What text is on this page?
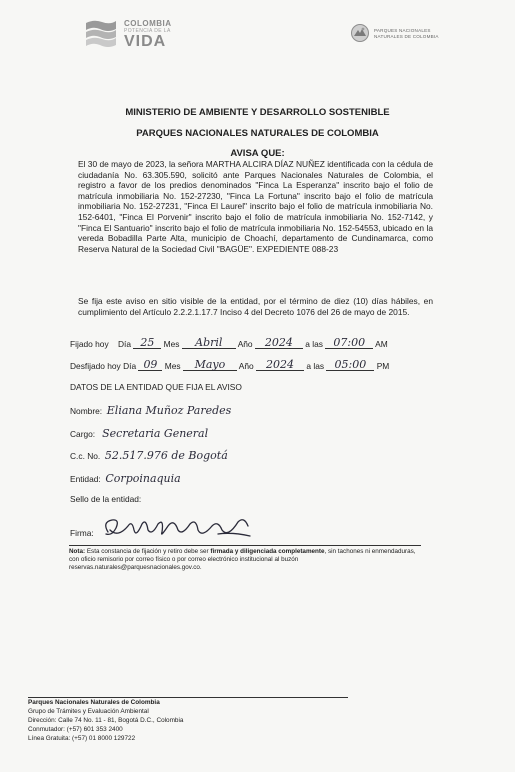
COLOMBIA
POTENCIA DE LA
VIDA
PARQUES NACIONALES
NATURALES DE COLOMBIA
MINISTERIO DE AMBIENTE Y DESARROLLO SOSTENIBLE
PARQUES NACIONALES NATURALES DE COLOMBIA
AVISA QUE:
El 30 de mayo de 2023, la señora MARTHA ALCIRA DÍAZ NUÑEZ identificada con la cédula de ciudadanía No. 63.305.590, solicitó ante Parques Nacionales Naturales de Colombia, el registro a favor de los predios denominados "Finca La Esperanza" inscrito bajo el folio de matrícula inmobiliaria No. 152-27230, "Finca La Fortuna" inscrito bajo el folio de matrícula inmobiliaria No. 152-27231, "Finca El Laurel" inscrito bajo el folio de matrícula inmobiliaria No. 152-6401, "Finca El Porvenir" inscrito bajo el folio de matrícula inmobiliaria No. 152-7142, y "Finca El Santuario" inscrito bajo el folio de matrícula inmobiliaria No. 152-54553, ubicado en la vereda Bobadilla Parte Alta, municipio de Choachí, departamento de Cundinamarca, como Reserva Natural de la Sociedad Civil "BAGÜE". EXPEDIENTE 088-23
Se fija este aviso en sitio visible de la entidad, por el término de diez (10) días hábiles, en cumplimiento del Artículo 2.2.2.1.17.7 Inciso 4 del Decreto 1076 del 26 de mayo de 2015.
Fijado hoy Día 25 Mes Abril Año 2024 a las 07:00 AM
Desfijado hoy Día 09 Mes Mayo Año 2024 a las 05:00 PM
DATOS DE LA ENTIDAD QUE FIJA EL AVISO
Nombre: Eliana Muñoz Paredes
Cargo: Secretaria General
C.c. No. 52.517.976 de Bogotá
Entidad: Corpoinaquia
Sello de la entidad:
Firma:
Nota: Esta constancia de fijación y retiro debe ser firmada y diligenciada completamente, sin tachones ni enmendaduras, con oficio remisorio por correo físico o por correo electrónico institucional al buzón reservas.naturales@parquesnacionales.gov.co.
Parques Nacionales Naturales de Colombia
Grupo de Trámites y Evaluación Ambiental
Dirección: Calle 74 No. 11 - 81, Bogotá D.C., Colombia
Conmutador: (+57) 601 353 2400
Línea Gratuita: (+57) 01 8000 129722
